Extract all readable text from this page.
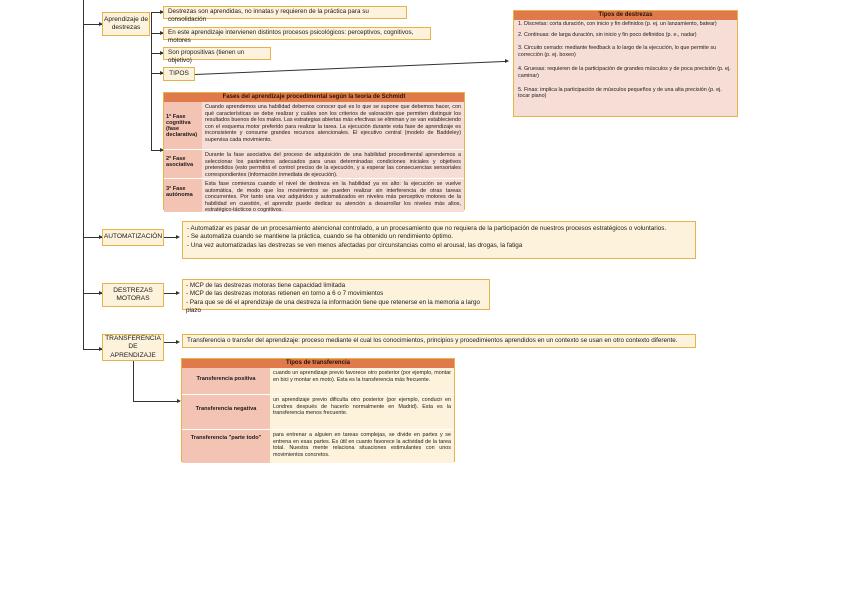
Aprendizaje de destrezas
AUTOMATIZACIÓN
DESTREZAS MOTORAS
TRANSFERENCIA DE APRENDIZAJE
Destrezas son aprendidas, no innatas y requieren de la práctica para su consolidación
En este aprendizaje intervienen distintos procesos psicológicos: perceptivos, cognitivos, motores
Son propositivas (tienen un objetivo)
TIPOS
Tipos de destrezas
1. Discretas: corta duración, con inicio y fin definidos (p. ej. un lanzamiento, batear)
2. Continuas: de larga duración, sin inicio y fin poco definidos (p. e., nadar)
3. Circuito cerrado: mediante feedback a lo largo de la ejecución, lo que permite su corrección (p. ej. boxeo)
4. Gruesas: requieren de la participación de grandes músculos y de poca precisión (p. ej. caminar)
5. Finas: implica la participación de músculos pequeños y de una alta precisión (p. ej. tocar piano)
Fases del aprendizaje procedimental según la teoría de Schmidt
1ª Fase cognitiva (fase declarativa)
Cuando aprendemos una habilidad debemos conocer qué es lo que se supone que debemos hacer, con qué características se debe realizar y cuáles son los criterios de valoración que permiten distinguir los resultados buenos de los malos. Las estrategias abiertas más efectivas se eliminan y se van estableciendo con el esquema motor preferido para realizar la tarea. La ejecución durante esta fase de aprendizaje es inconsistente y consume grandes recursos atencionales. El ejecutivo central (modelo de Baddeley) supervisa cada movimiento.
2ª Fase asociativa
Durante la fase asociativa del proceso de adquisición de una habilidad procedimental aprendemos a seleccionar los parámetros adecuados para unas determinadas condiciones iniciales y objetivos pretendidos (esto permitirá el control preciso de la ejecución, y a esperar las consecuencias sensoriales correspondientes (información inmediata de ejecución).
3ª Fase autónoma
Esta fase comienza cuando el nivel de destreza en la habilidad ya es alto: la ejecución se vuelve automática, de modo que los movimientos se pueden realizar sin interferencia de otras tareas concurrentes. Por tanto una vez adquiridos y automatizados en niveles más perceptivo motores de la habilidad en cuestión, el aprendiz puede dedicar su atención a desarrollar los niveles más altos, estratégico-tácticos o cognitivos.
- Automatizar es pasar de un procesamiento atencional controlado, a un procesamiento que no requiera de la participación de nuestros procesos estratégicos o voluntarios.
- Se automatiza cuando se mantiene la práctica, cuando se ha obtenido un rendimiento óptimo.
- Una vez automatizadas las destrezas se ven menos afectadas por circunstancias como el arousal, las drogas, la fatiga
- MCP de las destrezas motoras tiene capacidad limitada
- MCP de las destrezas motoras retienen en torno a 6 o 7 movimientos
- Para que se dé el aprendizaje de una destreza la información tiene que retenerse en la memoria a largo plazo
Transferencia o transfer del aprendizaje: proceso mediante el cual los conocimientos, principios y procedimientos aprendidos en un contexto se usan en otro contexto diferente.
Tipos de transferencia
Transferencia positiva
cuando un aprendizaje previo favorece otro posterior (por ejemplo, montar en bici y montar en moto). Esta es la transferencia más frecuente.
Transferencia negativa
un aprendizaje previo dificulta otro posterior (por ejemplo, conducir en Londres después de hacerlo normalmente en Madrid). Esta es la transferencia menos frecuente.
Transferencia "parte todo"	para entrenar a alguien en tareas complejas, se divide en partes y se entrena en esas partes. Es útil en cuanto favorece la actividad de la tarea total. Nuestra mente relaciona situaciones estimulantes con unos movimientos concretos.
